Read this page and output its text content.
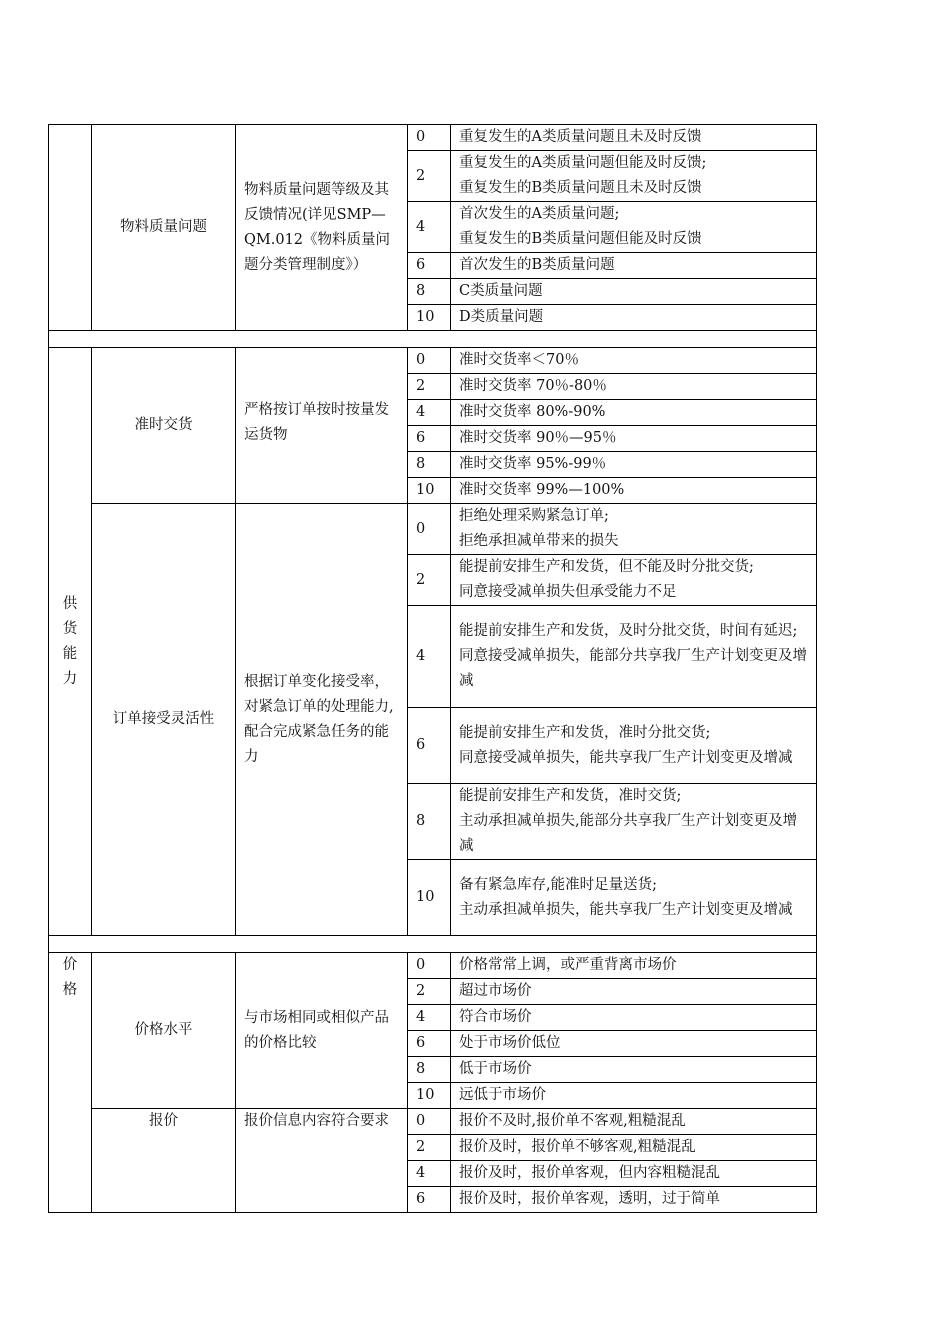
	物料质量问题	物料质量问题等级及其反馈情况(详见SMP—QM.012《物料质量问题分类管理制度》）	0	重复发生的A类质量问题且未及时反馈

			2	重复发生的A类质量问题但能及时反馈;
重复发生的B类质量问题且未及时反馈

			4	首次发生的A类质量问题;
重复发生的B类质量问题但能及时反馈

			6	首次发生的B类质量问题

			8	C类质量问题

			10	D类质量问题

供货能力	准时交货	严格按订单按时按量发运货物	0	准时交货率＜70％

			2	准时交货率 70％-80％

			4	准时交货率 80%-90%

			6	准时交货率 90％—95％

			8	准时交货率 95%-99％

			10	准时交货率 99%—100%

	订单接受灵活性	根据订单变化接受率，对紧急订单的处理能力,配合完成紧急任务的能力	0	拒绝处理采购紧急订单;
拒绝承担减单带来的损失

			2	能提前安排生产和发货，但不能及时分批交货;
同意接受减单损失但承受能力不足

			4	能提前安排生产和发货，及时分批交货，时间有延迟;
同意接受减单损失，能部分共享我厂生产计划变更及增减

			6	能提前安排生产和发货，准时分批交货;
同意接受减单损失，能共享我厂生产计划变更及增减

			8	能提前安排生产和发货，准时交货;
主动承担减单损失,能部分共享我厂生产计划变更及增减

			10	备有紧急库存,能准时足量送货;
主动承担减单损失，能共享我厂生产计划变更及增减

价格	价格水平	与市场相同或相似产品的价格比较	0	价格常常上调，或严重背离市场价

			2	超过市场价

			4	符合市场价

			6	处于市场价低位

			8	低于市场价

			10	远低于市场价

	报价	报价信息内容符合要求	0	报价不及时,报价单不客观,粗糙混乱

			2	报价及时，报价单不够客观,粗糙混乱

			4	报价及时，报价单客观，但内容粗糙混乱

			6	报价及时，报价单客观，透明，过于简单
